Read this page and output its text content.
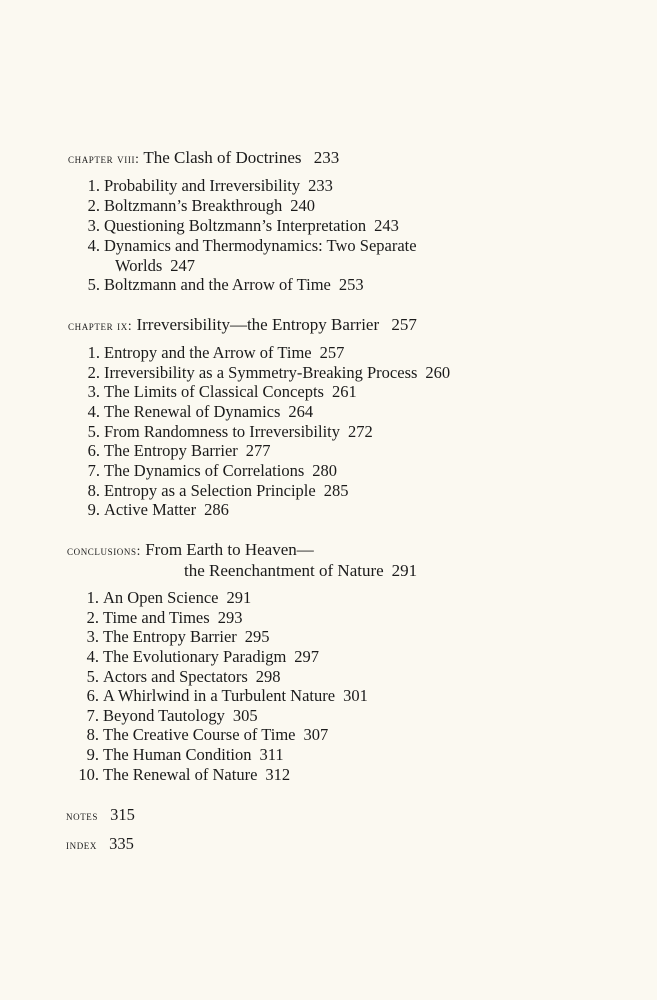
chapter viii: The Clash of Doctrines 233
1. Probability and Irreversibility 233
2. Boltzmann’s Breakthrough 240
3. Questioning Boltzmann’s Interpretation 243
4. Dynamics and Thermodynamics: Two Separate
Worlds 247
5. Boltzmann and the Arrow of Time 253
chapter ix: Irreversibility—the Entropy Barrier 257
1. Entropy and the Arrow of Time 257
2. Irreversibility as a Symmetry-Breaking Process 260
3. The Limits of Classical Concepts 261
4. The Renewal of Dynamics 264
5. From Randomness to Irreversibility 272
6. The Entropy Barrier 277
7. The Dynamics of Correlations 280
8. Entropy as a Selection Principle 285
9. Active Matter 286
conclusions: From Earth to Heaven—
the Reenchantment of Nature 291
1. An Open Science 291
2. Time and Times 293
3. The Entropy Barrier 295
4. The Evolutionary Paradigm 297
5. Actors and Spectators 298
6. A Whirlwind in a Turbulent Nature 301
7. Beyond Tautology 305
8. The Creative Course of Time 307
9. The Human Condition 311
10. The Renewal of Nature 312
notes 315
index 335
